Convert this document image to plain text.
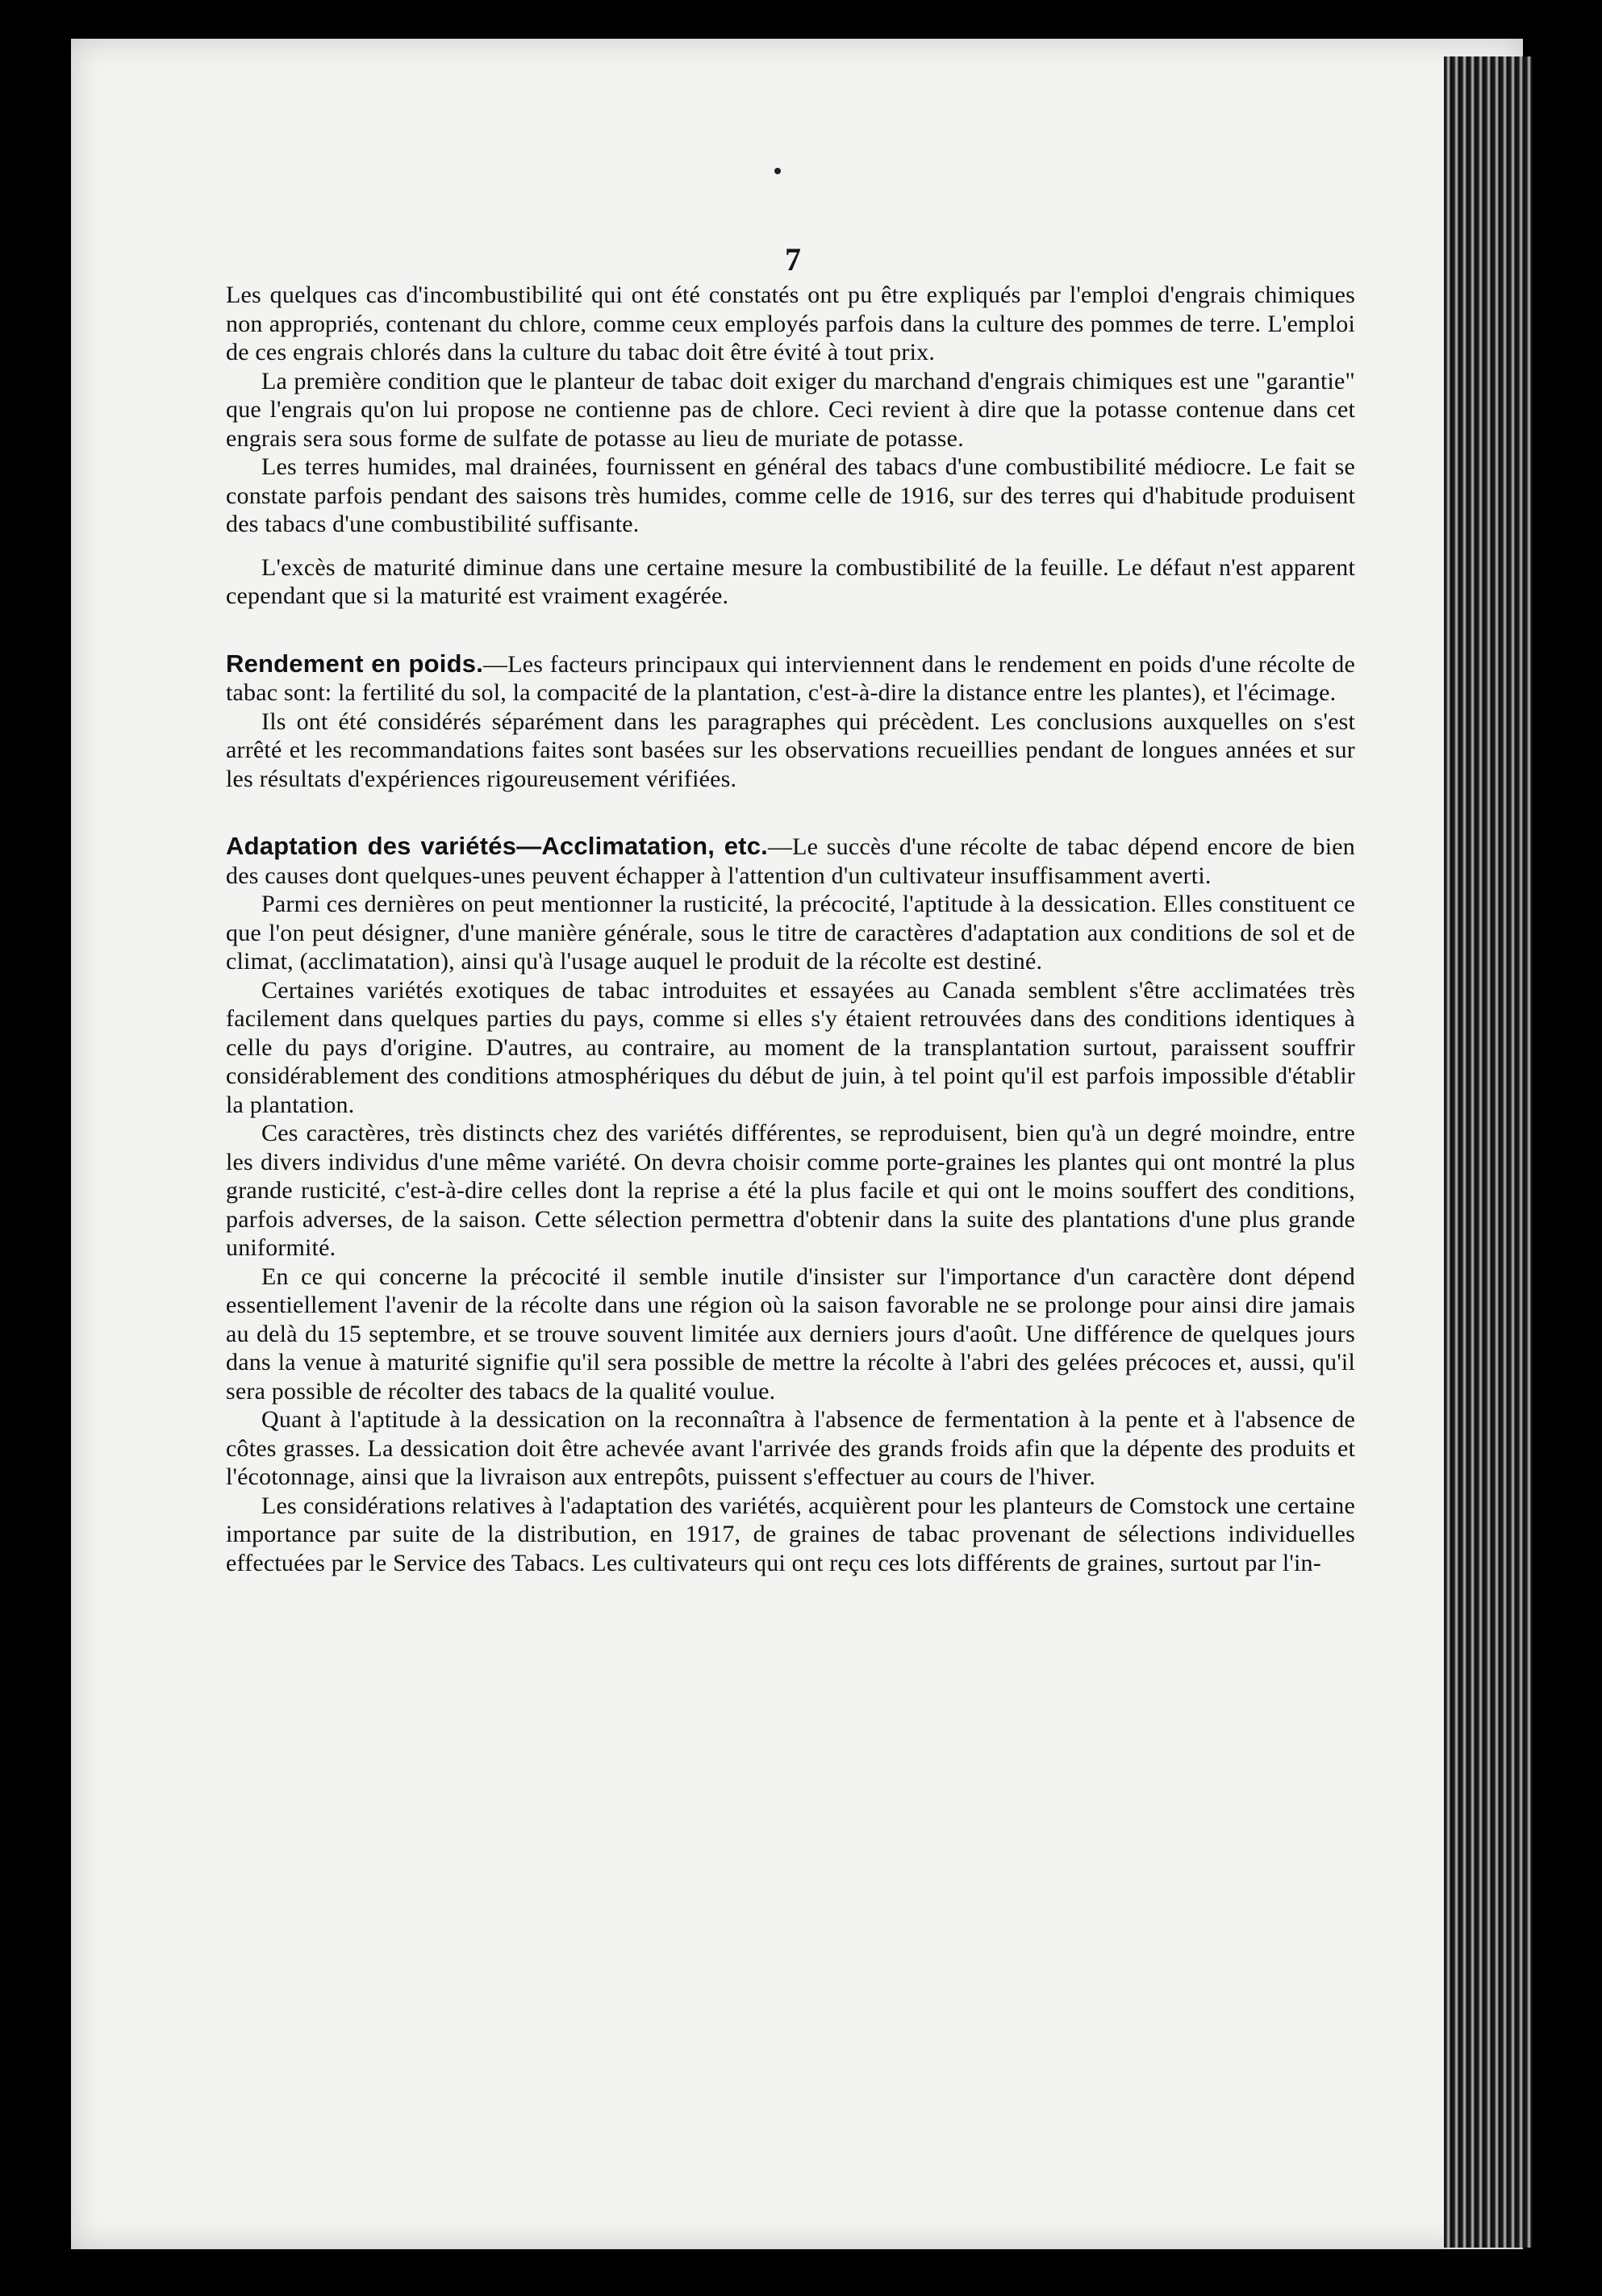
7

Les quelques cas d'incombustibilité qui ont été constatés ont pu être expliqués par l'emploi d'engrais chimiques non appropriés, contenant du chlore, comme ceux employés parfois dans la culture des pommes de terre. L'emploi de ces engrais chlorés dans la culture du tabac doit être évité à tout prix.

La première condition que le planteur de tabac doit exiger du marchand d'engrais chimiques est une "garantie" que l'engrais qu'on lui propose ne contienne pas de chlore. Ceci revient à dire que la potasse contenue dans cet engrais sera sous forme de sulfate de potasse au lieu de muriate de potasse.

Les terres humides, mal drainées, fournissent en général des tabacs d'une combustibilité médiocre. Le fait se constate parfois pendant des saisons très humides, comme celle de 1916, sur des terres qui d'habitude produisent des tabacs d'une combustibilité suffisante.

L'excès de maturité diminue dans une certaine mesure la combustibilité de la feuille. Le défaut n'est apparent cependant que si la maturité est vraiment exagérée.

Rendement en poids.—Les facteurs principaux qui interviennent dans le rendement en poids d'une récolte de tabac sont: la fertilité du sol, la compacité de la plantation, c'est-à-dire la distance entre les plantes), et l'écimage.

Ils ont été considérés séparément dans les paragraphes qui précèdent. Les conclusions auxquelles on s'est arrêté et les recommandations faites sont basées sur les observations recueillies pendant de longues années et sur les résultats d'expériences rigoureusement vérifiées.

Adaptation des variétés—Acclimatation, etc.—Le succès d'une récolte de tabac dépend encore de bien des causes dont quelques-unes peuvent échapper à l'attention d'un cultivateur insuffisamment averti.

Parmi ces dernières on peut mentionner la rusticité, la précocité, l'aptitude à la dessication. Elles constituent ce que l'on peut désigner, d'une manière générale, sous le titre de caractères d'adaptation aux conditions de sol et de climat, (acclimatation), ainsi qu'à l'usage auquel le produit de la récolte est destiné.

Certaines variétés exotiques de tabac introduites et essayées au Canada semblent s'être acclimatées très facilement dans quelques parties du pays, comme si elles s'y étaient retrouvées dans des conditions identiques à celle du pays d'origine. D'autres, au contraire, au moment de la transplantation surtout, paraissent souffrir considérablement des conditions atmosphériques du début de juin, à tel point qu'il est parfois impossible d'établir la plantation.

Ces caractères, très distincts chez des variétés différentes, se reproduisent, bien qu'à un degré moindre, entre les divers individus d'une même variété. On devra choisir comme porte-graines les plantes qui ont montré la plus grande rusticité, c'est-à-dire celles dont la reprise a été la plus facile et qui ont le moins souffert des conditions, parfois adverses, de la saison. Cette sélection permettra d'obtenir dans la suite des plantations d'une plus grande uniformité.

En ce qui concerne la précocité il semble inutile d'insister sur l'importance d'un caractère dont dépend essentiellement l'avenir de la récolte dans une région où la saison favorable ne se prolonge pour ainsi dire jamais au delà du 15 septembre, et se trouve souvent limitée aux derniers jours d'août. Une différence de quelques jours dans la venue à maturité signifie qu'il sera possible de mettre la récolte à l'abri des gelées précoces et, aussi, qu'il sera possible de récolter des tabacs de la qualité voulue.

Quant à l'aptitude à la dessication on la reconnaîtra à l'absence de fermentation à la pente et à l'absence de côtes grasses. La dessication doit être achevée avant l'arrivée des grands froids afin que la dépente des produits et l'écotonnage, ainsi que la livraison aux entrepôts, puissent s'effectuer au cours de l'hiver.

Les considérations relatives à l'adaptation des variétés, acquièrent pour les planteurs de Comstock une certaine importance par suite de la distribution, en 1917, de graines de tabac provenant de sélections individuelles effectuées par le Service des Tabacs. Les cultivateurs qui ont reçu ces lots différents de graines, surtout par l'in-
